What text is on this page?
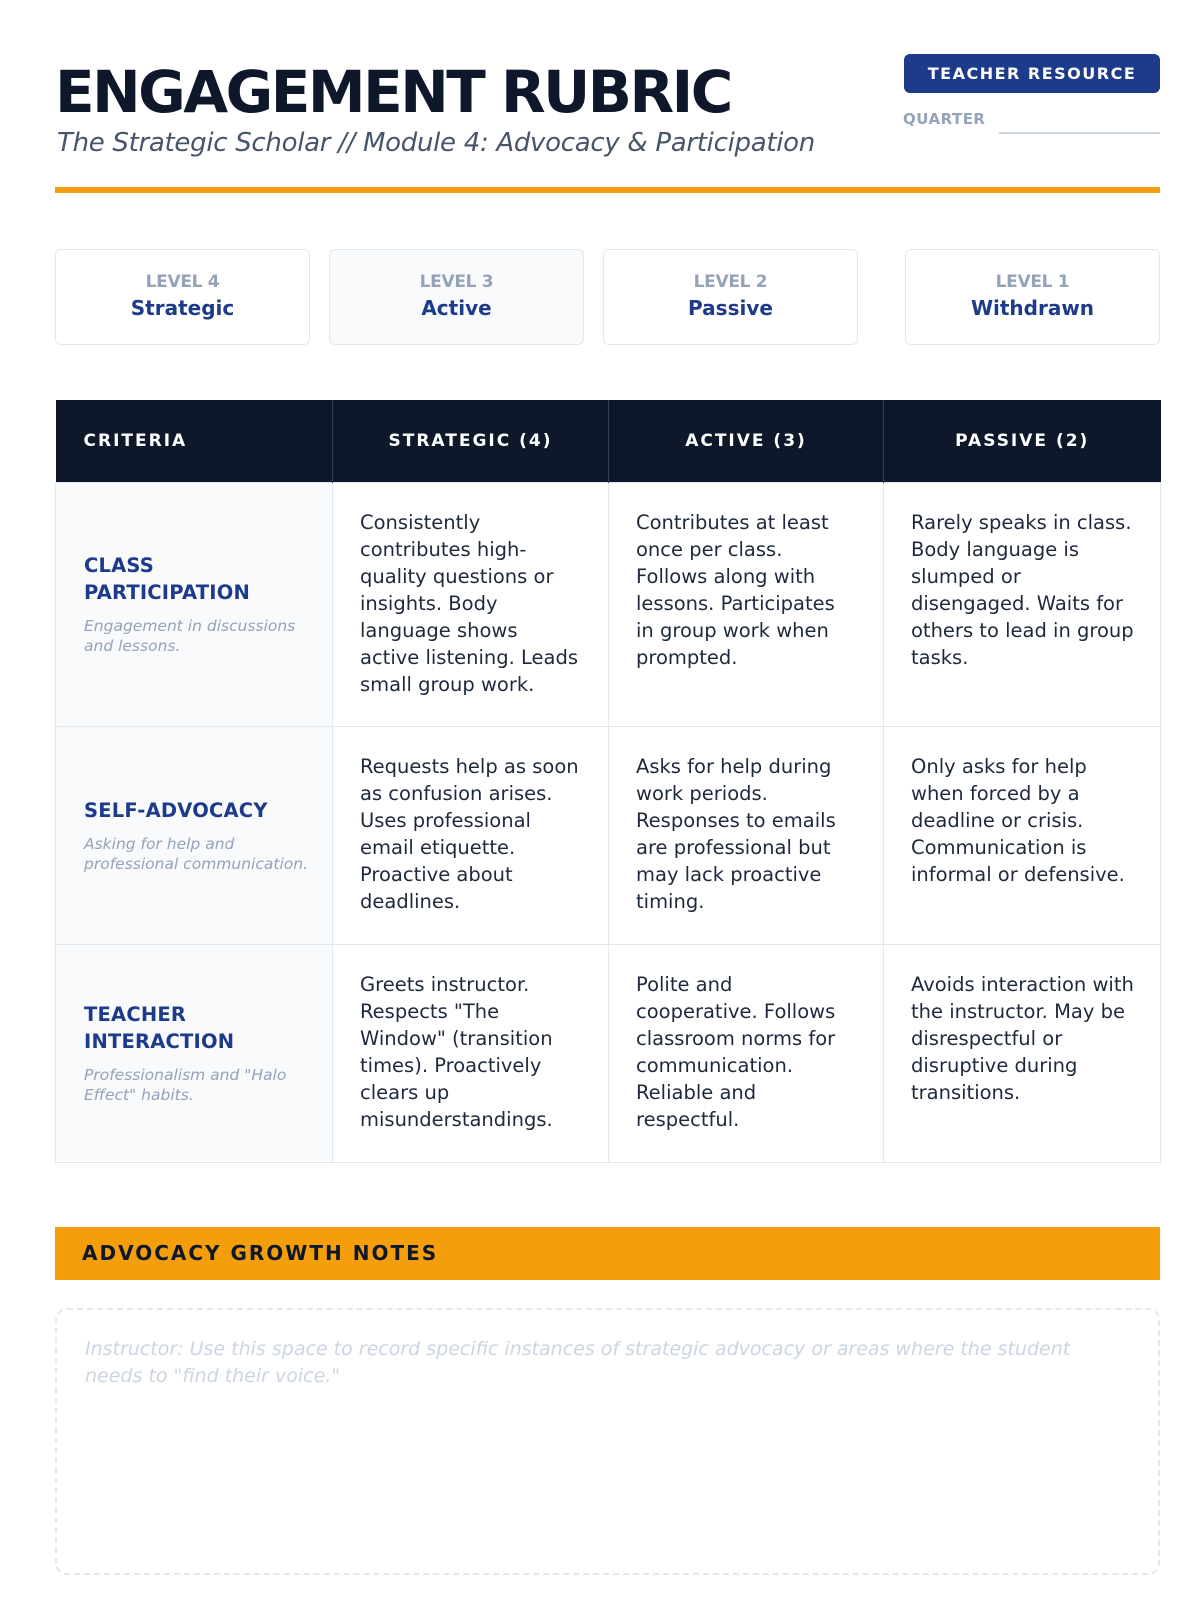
ENGAGEMENT RUBRIC
The Strategic Scholar // Module 4: Advocacy & Participation
TEACHER RESOURCE
QUARTER
LEVEL 4
Strategic
LEVEL 3
Active
LEVEL 2
Passive
LEVEL 1
Withdrawn
CRITERIA	STRATEGIC (4)	ACTIVE (3)	PASSIVE (2)

CLASS PARTICIPATION
Engagement in discussions and lessons.	Consistently contributes high-quality questions or insights. Body language shows active listening. Leads small group work.	Contributes at least once per class. Follows along with lessons. Participates in group work when prompted.	Rarely speaks in class. Body language is slumped or disengaged. Waits for others to lead in group tasks.

SELF-ADVOCACY
Asking for help and professional communication.	Requests help as soon as confusion arises. Uses professional email etiquette. Proactive about deadlines.	Asks for help during work periods. Responses to emails are professional but may lack proactive timing.	Only asks for help when forced by a deadline or crisis. Communication is informal or defensive.

TEACHER INTERACTION
Professionalism and "Halo Effect" habits.	Greets instructor. Respects "The Window" (transition times). Proactively clears up misunderstandings.	Polite and cooperative. Follows classroom norms for communication. Reliable and respectful.	Avoids interaction with the instructor. May be disrespectful or disruptive during transitions.
ADVOCACY GROWTH NOTES
Instructor: Use this space to record specific instances of strategic advocacy or areas where the student needs to "find their voice."
